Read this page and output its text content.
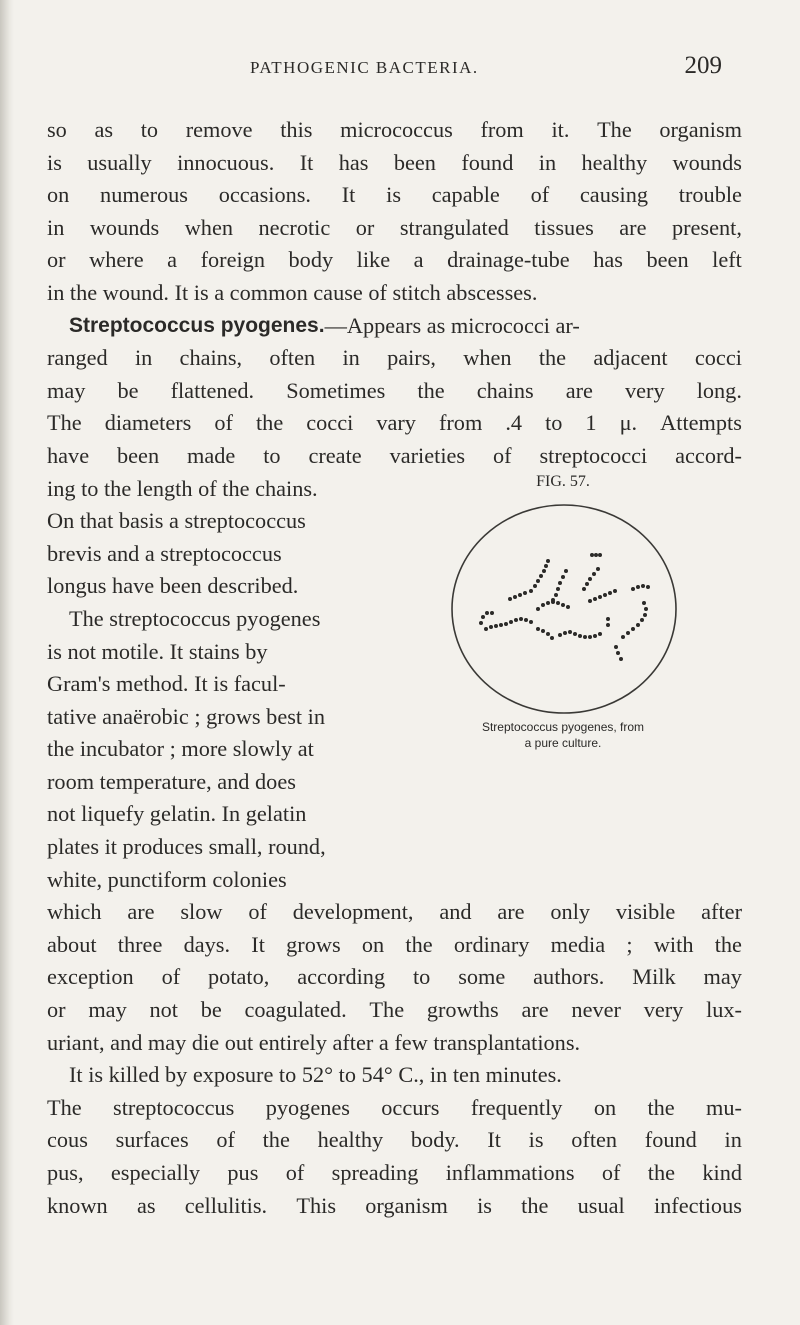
PATHOGENIC BACTERIA.	209
so as to remove this micrococcus from it. The organism
is usually innocuous. It has been found in healthy wounds
on numerous occasions. It is capable of causing trouble
in wounds when necrotic or strangulated tissues are present,
or where a foreign body like a drainage-tube has been left
in the wound. It is a common cause of stitch abscesses.
Streptococcus pyogenes. —Appears as micrococci ar-
ranged in chains, often in pairs, when the adjacent cocci
may be flattened. Sometimes the chains are very long.
The diameters of the cocci vary from .4 to 1 μ. Attempts
have been made to create varieties of streptococci accord-
ing to the length of the chains.
On that basis a streptococcus
brevis and a streptococcus
longus have been described.
The streptococcus pyogenes
is not motile. It stains by
Gram's method. It is facul-
tative anaërobic ; grows best in
the incubator ; more slowly at
room temperature, and does
not liquefy gelatin. In gelatin
plates it produces small, round,
white, punctiform colonies
which are slow of development, and are only visible after
about three days. It grows on the ordinary media ; with the
exception of potato, according to some authors. Milk may
or may not be coagulated. The growths are never very lux-
uriant, and may die out entirely after a few transplantations.
It is killed by exposure to 52° to 54° C., in ten minutes.
The streptococcus pyogenes occurs frequently on the mu-
cous surfaces of the healthy body. It is often found in
pus, especially pus of spreading inflammations of the kind
known as cellulitis. This organism is the usual infectious
FIG. 57.
Streptococcus pyogenes, from
a pure culture.
